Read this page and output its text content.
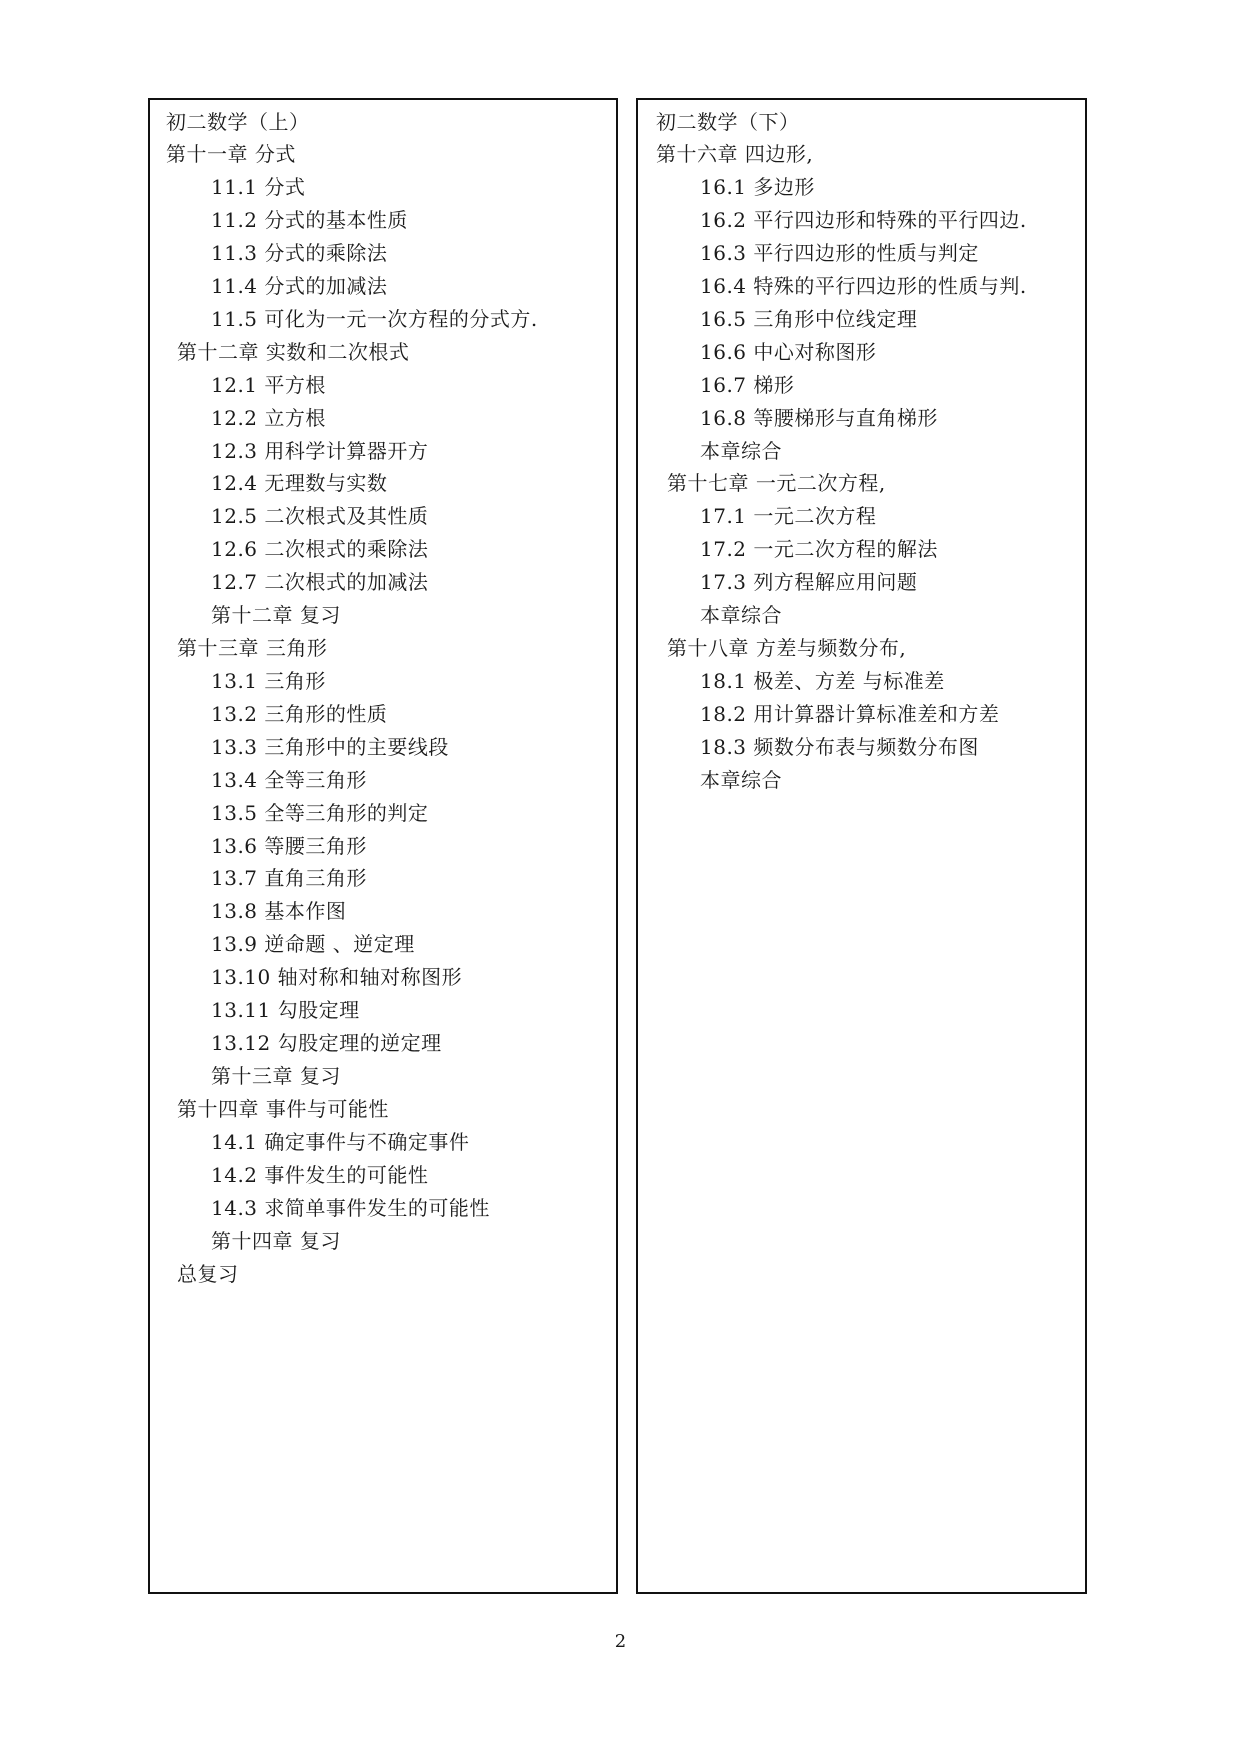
初二数学（上）
第十一章 分式
11.1 分式
11.2 分式的基本性质
11.3 分式的乘除法
11.4 分式的加减法
11.5 可化为一元一次方程的分式方.
第十二章 实数和二次根式
12.1 平方根
12.2 立方根
12.3 用科学计算器开方
12.4 无理数与实数
12.5 二次根式及其性质
12.6 二次根式的乘除法
12.7 二次根式的加减法
第十二章 复习
第十三章 三角形
13.1 三角形
13.2 三角形的性质
13.3 三角形中的主要线段
13.4 全等三角形
13.5 全等三角形的判定
13.6 等腰三角形
13.7 直角三角形
13.8 基本作图
13.9 逆命题 、逆定理
13.10 轴对称和轴对称图形
13.11 勾股定理
13.12 勾股定理的逆定理
第十三章 复习
第十四章 事件与可能性
14.1 确定事件与不确定事件
14.2 事件发生的可能性
14.3 求简单事件发生的可能性
第十四章 复习
总复习
初二数学（下）
第十六章 四边形,
16.1 多边形
16.2 平行四边形和特殊的平行四边.
16.3 平行四边形的性质与判定
16.4 特殊的平行四边形的性质与判.
16.5 三角形中位线定理
16.6 中心对称图形
16.7 梯形
16.8 等腰梯形与直角梯形
本章综合
第十七章 一元二次方程,
17.1 一元二次方程
17.2 一元二次方程的解法
17.3 列方程解应用问题
本章综合
第十八章 方差与频数分布,
18.1 极差、方差 与标准差
18.2 用计算器计算标准差和方差
18.3 频数分布表与频数分布图
本章综合
2
